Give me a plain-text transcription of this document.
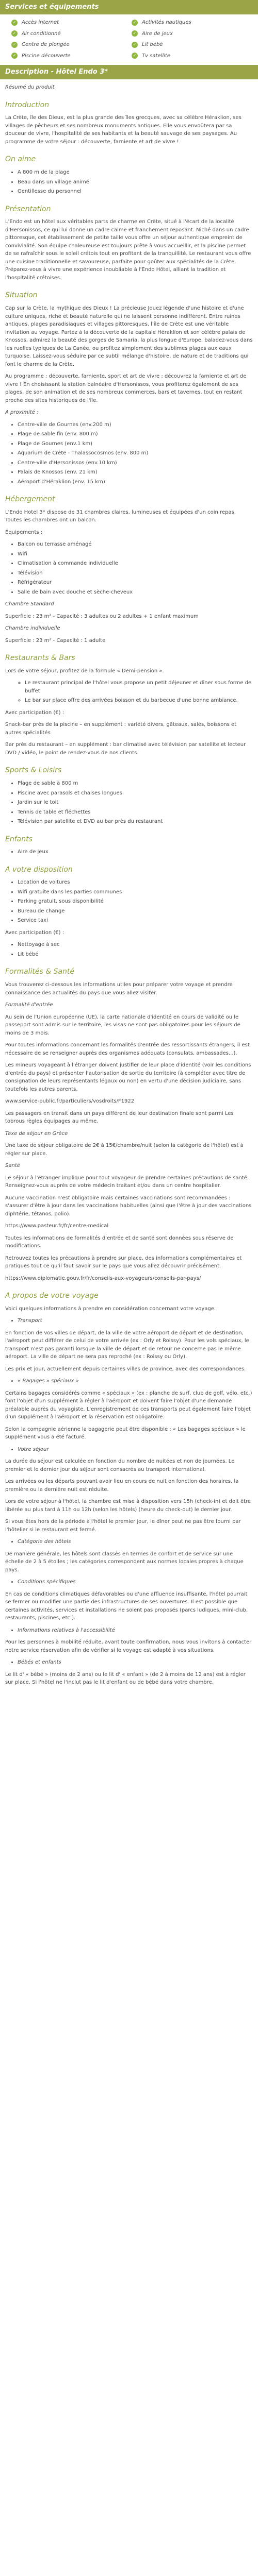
Services et équipements
✓ Accès internet	✓ Activités nautiques
✓ Air conditionné	✓ Aire de jeux
✓ Centre de plongée	✓ Lit bébé
✓ Piscine découverte	✓ Tv satellite
Description - Hôtel Endo 3*

Résumé du produit

Introduction

La Crète, île des Dieux, est la plus grande des îles grecques, avec sa célèbre Héraklion, ses villages de pêcheurs et ses nombreux monuments antiques. Elle vous envoûtera par sa douceur de vivre, l'hospitalité de ses habitants et la beauté sauvage de ses paysages. Au programme de votre séjour : découverte, farniente et art de vivre !

On aime
• A 800 m de la plage
• Beau dans un village animé
• Gentillesse du personnel
Présentation

L'Endo est un hôtel aux véritables parts de charme en Crète, situé à l'écart de la localité d'Hersonissos, ce qui lui donne un cadre calme et franchement reposant. Niché dans un cadre pittoresque, cet établissement de petite taille vous offre un séjour authentique empreint de convivialité. Son équipe chaleureuse est toujours prête à vous accueillir, et la piscine permet de se rafraîchir sous le soleil crétois tout en profitant de la tranquillité. Le restaurant vous offre une cuisine traditionnelle et savoureuse, parfaite pour goûter aux spécialités de la Crète. Préparez-vous à vivre une expérience inoubliable à l'Endo Hôtel, alliant la tradition et l'hospitalité crétoises.

Situation

Cap sur la Crète, la mythique des Dieux ! La précieuse Jouez légende d'une histoire et d'une culture uniques, riche et beauté naturelle qui ne laissent personne indifférent. Entre ruines antiques, plages paradisiaques et villages pittoresques, l'île de Crète est une véritable invitation au voyage. Partez à la découverte de la capitale Héraklion et son célèbre palais de Knossos, admirez la beauté des gorges de Samaria, la plus longue d'Europe, baladez-vous dans les ruelles typiques de La Canée, ou profitez simplement des sublimes plages aux eaux turquoise. Laissez-vous séduire par ce subtil mélange d'histoire, de nature et de traditions qui font le charme de la Crète.

Au programme : découverte, farniente, sport et art de vivre : découvrez la farniente et art de vivre ! En choisissant la station balnéaire d'Hersonissos, vous profiterez également de ses plages, de son animation et de ses nombreux commerces, bars et tavernes, tout en restant proche des sites historiques de l'île.

A proximité :

• Centre-ville de Gournes (env.200 m)
• Plage de sable fin (env. 800 m)
• Plage de Gournes (env.1 km)
• Aquarium de Crète - Thalassocosmos (env. 800 m)
• Centre-ville d'Hersonissos (env.10 km)
• Palais de Knossos (env. 21 km)
• Aéroport d'Héraklion (env. 15 km)
Hébergement

L'Endo Hotel 3* dispose de 31 chambres claires, lumineuses et équipées d'un coin repas. Toutes les chambres ont un balcon.

Équipements :

• Balcon ou terrasse aménagé
• Wifi
• Climatisation à commande individuelle
• Télévision
• Réfrigérateur
• Salle de bain avec douche et sèche-cheveux

Chambre Standard

Superficie : 23 m² - Capacité : 3 adultes ou 2 adultes + 1 enfant maximum

Chambre individuelle

Superficie : 23 m² - Capacité : 1 adulte

Restaurants & Bars

Lors de votre séjour, profitez de la formule « Demi-pension ».

◦ Le restaurant principal de l'hôtel vous propose un petit déjeuner et dîner sous forme de buffet
◦ Le bar sur place offre des arrivées boisson et du barbecue d'une bonne ambiance.

Avec participation (€) :

Snack-bar près de la piscine – en supplément : variété divers, gâteaux, salés, boissons et autres spécialités

Bar près du restaurant – en supplément : bar climatisé avec télévision par satellite et lecteur DVD / vidéo, le point de rendez-vous de nos clients.

Sports & Loisirs
• Plage de sable à 800 m
• Piscine avec parasols et chaises longues
• Jardin sur le toit
• Tennis de table et fléchettes
• Télévision par satellite et DVD au bar près du restaurant
Enfants
• Aire de jeux
A votre disposition
• Location de voitures
• Wifi gratuite dans les parties communes
• Parking gratuit, sous disponibilité
• Bureau de change
• Service taxi

Avec participation (€) :

• Nettoyage à sec
• Lit bébé
Formalités & Santé

Vous trouverez ci-dessous les informations utiles pour préparer votre voyage et prendre connaissance des actualités du pays que vous allez visiter.

Formalité d'entrée

Au sein de l'Union européenne (UE), la carte nationale d'identité en cours de validité ou le passeport sont admis sur le territoire, les visas ne sont pas obligatoires pour les séjours de moins de 3 mois.

Pour toutes informations concernant les formalités d'entrée des ressortissants étrangers, il est nécessaire de se renseigner auprès des organismes adéquats (consulats, ambassades...).

Les mineurs voyageant à l'étranger doivent justifier de leur place d'identité (voir les conditions d'entrée du pays) et présenter l'autorisation de sortie du territoire (à compléter avec titre de consignation de leurs représentants légaux ou non) en vertu d'une décision judiciaire, sans toutefois les autres parents.

www.service-public.fr/particuliers/vosdroits/F1922

Les passagers en transit dans un pays différent de leur destination finale sont parmi Les tobrous règles équipages au même.

Taxe de séjour en Grèce

Une taxe de séjour obligatoire de 2€ à 15€/chambre/nuit (selon la catégorie de l'hôtel) est à régler sur place.

Santé

Le séjour à l'étranger implique pour tout voyageur de prendre certaines précautions de santé. Renseignez-vous auprès de votre médecin traitant et/ou dans un centre hospitalier.

Aucune vaccination n'est obligatoire mais certaines vaccinations sont recommandées : s'assurer d'être à jour dans les vaccinations habituelles (ainsi que l'être à jour des vaccinations diphtérie, tétanos, polio).

https://www.pasteur.fr/fr/centre-medical

Toutes les informations de formalités d'entrée et de santé sont données sous réserve de modifications.

Retrouvez toutes les précautions à prendre sur place, des informations complémentaires et pratiques tout ce qu'il faut savoir sur le pays que vous allez découvrir précisément.

https://www.diplomatie.gouv.fr/fr/conseils-aux-voyageurs/conseils-par-pays/

A propos de votre voyage

Voici quelques informations à prendre en considération concernant votre voyage.

• Transport

En fonction de vos villes de départ, de la ville de votre aéroport de départ et de destination, l'aéroport peut différer de celui de votre arrivée (ex : Orly et Roissy). Pour les vols spéciaux, le transport n'est pas garanti lorsque la ville de départ et de retour ne concerne pas le même aéroport. La ville de départ ne sera pas reproché (ex : Roissy ou Orly).

Les prix et jour, actuellement depuis certaines villes de province, avec des correspondances.

• « Bagages » spéciaux »

Certains bagages considérés comme « spéciaux » (ex : planche de surf, club de golf, vélo, etc.) font l'objet d'un supplément à régler à l'aéroport et doivent faire l'objet d'une demande préalable auprès du voyagiste. L'enregistrement de ces transports peut également faire l'objet d'un supplément à l'aéroport et la réservation est obligatoire.

Selon la compagnie aérienne la bagagerie peut être disponible : « Les bagages spéciaux » le supplément vous a été facturé.

• Votre séjour

La durée du séjour est calculée en fonction du nombre de nuitées et non de journées. Le premier et le dernier jour du séjour sont consacrés au transport international.

Les arrivées ou les départs pouvant avoir lieu en cours de nuit en fonction des horaires, la première ou la dernière nuit est réduite.

Lors de votre séjour à l'hôtel, la chambre est mise à disposition vers 15h (check-in) et doit être libérée au plus tard à 11h ou 12h (selon les hôtels) (heure du check-out) le dernier jour.

Si vous êtes hors de la période à l'hôtel le premier jour, le dîner peut ne pas être fourni par l'hôtelier si le restaurant est fermé.

• Catégorie des hôtels

De manière générale, les hôtels sont classés en termes de confort et de service sur une échelle de 2 à 5 étoiles ; les catégories correspondent aux normes locales propres à chaque pays.

• Conditions spécifiques

En cas de conditions climatiques défavorables ou d'une affluence insuffisante, l'hôtel pourrait se fermer ou modifier une partie des infrastructures de ses ouvertures. Il est possible que certaines activités, services et installations ne soient pas proposés (parcs ludiques, mini-club, restaurants, piscines, etc.).

• Informations relatives à l'accessibilité

Pour les personnes à mobilité réduite, avant toute confirmation, nous vous invitons à contacter notre service réservation afin de vérifier si le voyage est adapté à vos situations.

• Bébés et enfants

Le lit d' « bébé » (moins de 2 ans) ou le lit d' « enfant » (de 2 à moins de 12 ans) est à régler sur place. Si l'hôtel ne l'inclut pas le lit d'enfant ou de bébé dans votre chambre.
